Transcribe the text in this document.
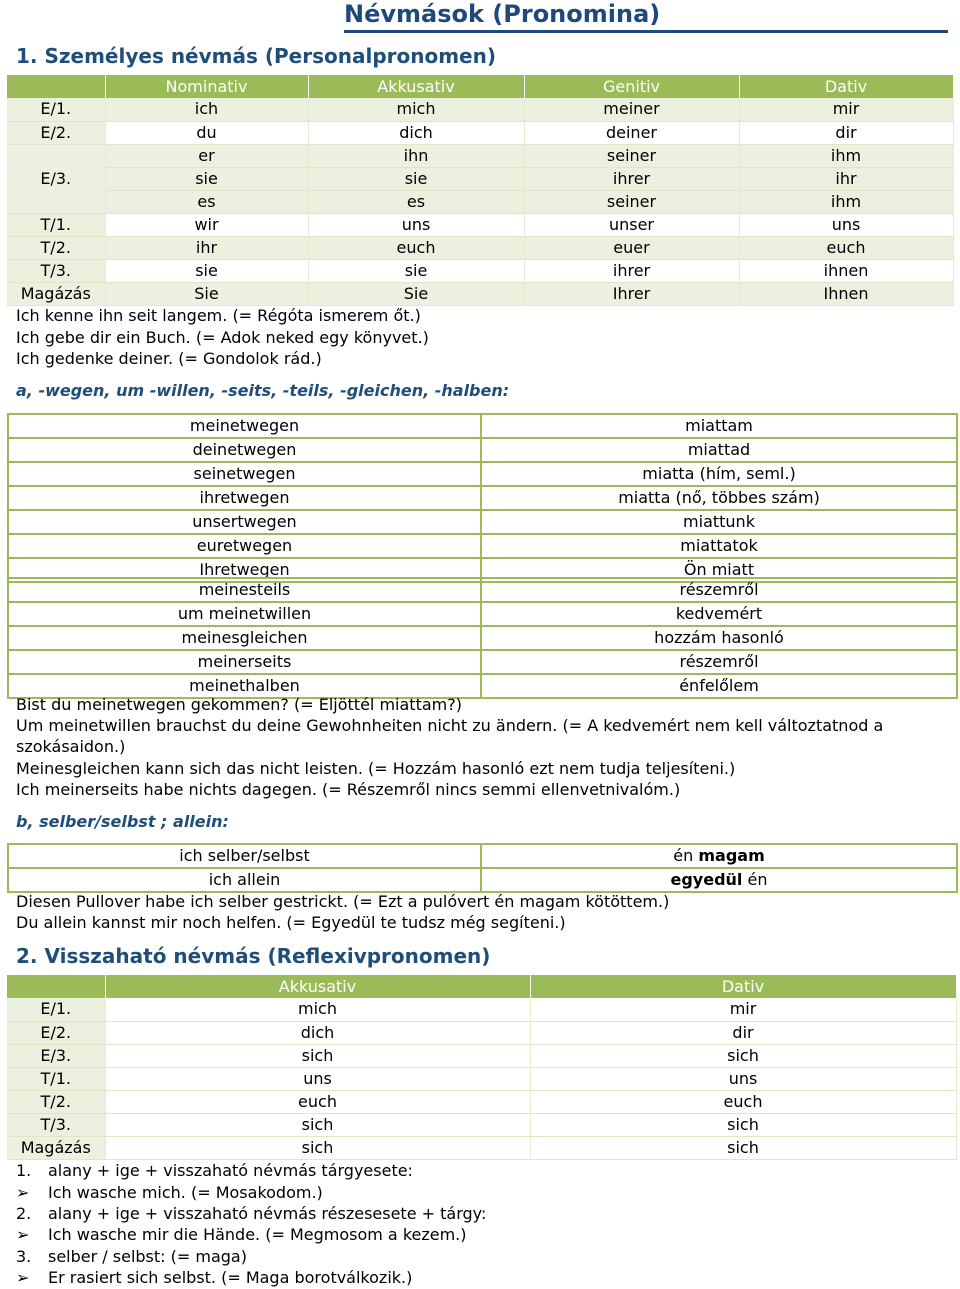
Névmások (Pronomina)
1. Személyes névmás (Personalpronomen)
	Nominativ	Akkusativ	Genitiv	Dativ
E/1.	ich	mich	meiner	mir
E/2.	du	dich	deiner	dir
E/3.	er	ihn	seiner	ihm
	sie	sie	ihrer	ihr
	es	es	seiner	ihm
T/1.	wir	uns	unser	uns
T/2.	ihr	euch	euer	euch
T/3.	sie	sie	ihrer	ihnen
Magázás	Sie	Sie	Ihrer	Ihnen
Ich kenne ihn seit langem. (= Régóta ismerem őt.)
Ich gebe dir ein Buch. (= Adok neked egy könyvet.)
Ich gedenke deiner. (= Gondolok rád.)
a, -wegen, um -willen, -seits, -teils, -gleichen, -halben:
meinetwegen	miattam
deinetwegen	miattad
seinetwegen	miatta (hím, seml.)
ihretwegen	miatta (nő, többes szám)
unsertwegen	miattunk
euretwegen	miattatok
Ihretwegen	Ön miatt
meinesteils	részemről
um meinetwillen	kedvemért
meinesgleichen	hozzám hasonló
meinerseits	részemről
meinethalben	énfelőlem
Bist du meinetwegen gekommen? (= Eljöttél miattam?)
Um meinetwillen brauchst du deine Gewohnheiten nicht zu ändern. (= A kedvemért nem kell változtatnod a
szokásaidon.)
Meinesgleichen kann sich das nicht leisten. (= Hozzám hasonló ezt nem tudja teljesíteni.)
Ich meinerseits habe nichts dagegen. (= Részemről nincs semmi ellenvetnivalóm.)
b, selber/selbst ; allein:
ich selber/selbst	én magam
ich allein	egyedül én
Diesen Pullover habe ich selber gestrickt. (= Ezt a pulóvert én magam kötöttem.)
Du allein kannst mir noch helfen. (= Egyedül te tudsz még segíteni.)
2. Visszaható névmás (Reflexivpronomen)
	Akkusativ	Dativ
E/1.	mich	mir
E/2.	dich	dir
E/3.	sich	sich
T/1.	uns	uns
T/2.	euch	euch
T/3.	sich	sich
Magázás	sich	sich
1. alany + ige + visszaható névmás tárgyesete:
➢ Ich wasche mich. (= Mosakodom.)
2. alany + ige + visszaható névmás részesesete + tárgy:
➢ Ich wasche mir die Hände. (= Megmosom a kezem.)
3. selber / selbst: (= maga)
➢ Er rasiert sich selbst. (= Maga borotválkozik.)
